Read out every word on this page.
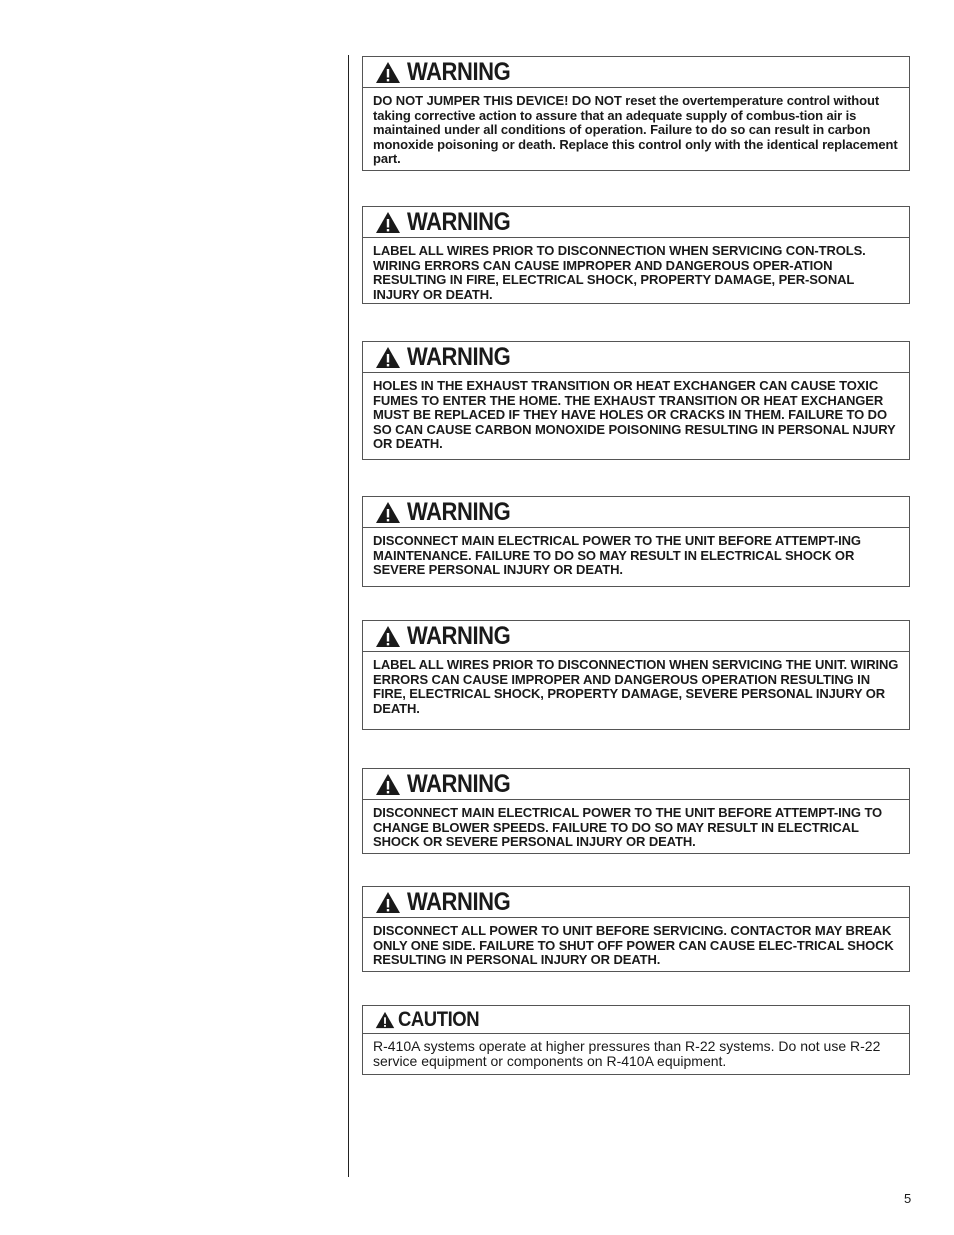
WARNING
DO NOT JUMPER THIS DEVICE! DO NOT reset the overtemperature control without taking corrective action to assure that an adequate supply of combus-tion air is maintained under all conditions of operation. Failure to do so can result in carbon monoxide poisoning or death. Replace this control only with the identical replacement part.
WARNING
LABEL ALL WIRES PRIOR TO DISCONNECTION WHEN SERVICING CON-TROLS. WIRING ERRORS CAN CAUSE IMPROPER AND DANGEROUS OPER-ATION RESULTING IN FIRE, ELECTRICAL SHOCK, PROPERTY DAMAGE, PER-SONAL INJURY OR DEATH.
WARNING
HOLES IN THE EXHAUST TRANSITION OR HEAT EXCHANGER CAN CAUSE TOXIC FUMES TO ENTER THE HOME. THE EXHAUST TRANSITION OR HEAT EXCHANGER MUST BE REPLACED IF THEY HAVE HOLES OR CRACKS IN THEM. FAILURE TO DO SO CAN CAUSE CARBON MONOXIDE POISONING RESULTING IN PERSONAL NJURY OR DEATH.
WARNING
DISCONNECT MAIN ELECTRICAL POWER TO THE UNIT BEFORE ATTEMPT-ING MAINTENANCE. FAILURE TO DO SO MAY RESULT IN ELECTRICAL SHOCK OR SEVERE PERSONAL INJURY OR DEATH.
WARNING
LABEL ALL WIRES PRIOR TO DISCONNECTION WHEN SERVICING THE UNIT. WIRING ERRORS CAN CAUSE IMPROPER AND DANGEROUS OPERATION RESULTING IN FIRE, ELECTRICAL SHOCK, PROPERTY DAMAGE, SEVERE PERSONAL INJURY OR DEATH.
WARNING
DISCONNECT MAIN ELECTRICAL POWER TO THE UNIT BEFORE ATTEMPT-ING TO CHANGE BLOWER SPEEDS. FAILURE TO DO SO MAY RESULT IN ELECTRICAL SHOCK OR SEVERE PERSONAL INJURY OR DEATH.
WARNING
DISCONNECT ALL POWER TO UNIT BEFORE SERVICING. CONTACTOR MAY BREAK ONLY ONE SIDE. FAILURE TO SHUT OFF POWER CAN CAUSE ELEC-TRICAL SHOCK RESULTING IN PERSONAL INJURY OR DEATH.
CAUTION
R-410A systems operate at higher pressures than R-22 systems. Do not use R-22 service equipment or components on R-410A equipment.
5
